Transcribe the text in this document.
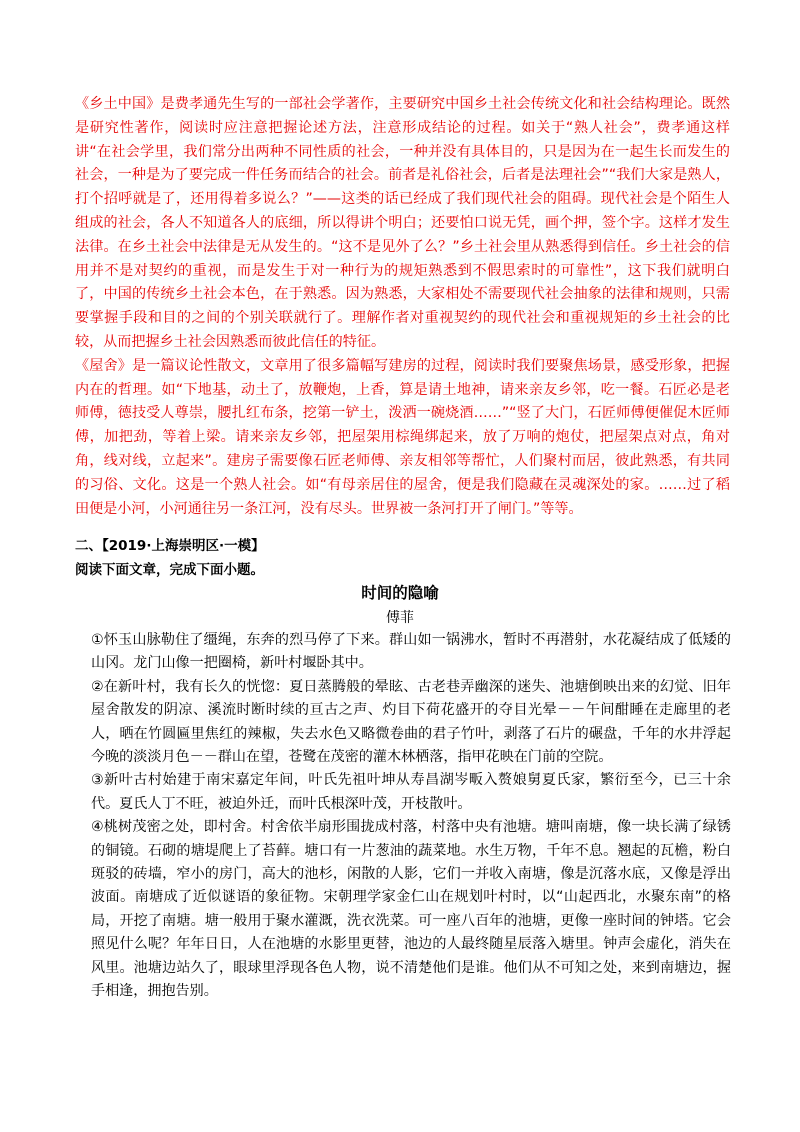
《乡土中国》是费孝通先生写的一部社会学著作，主要研究中国乡土社会传统文化和社会结构理论。既然是研究性著作，阅读时应注意把握论述方法，注意形成结论的过程。如关于“熟人社会”，费孝通这样讲“在社会学里，我们常分出两种不同性质的社会，一种并没有具体目的，只是因为在一起生长而发生的社会，一种是为了要完成一件任务而结合的社会。前者是礼俗社会，后者是法理社会”“我们大家是熟人，打个招呼就是了，还用得着多说么？”——这类的话已经成了我们现代社会的阻碍。现代社会是个陌生人组成的社会，各人不知道各人的底细，所以得讲个明白；还要怕口说无凭，画个押，签个字。这样才发生法律。在乡土社会中法律是无从发生的。“这不是见外了么？”乡土社会里从熟悉得到信任。乡土社会的信用并不是对契约的重视，而是发生于对一种行为的规矩熟悉到不假思索时的可靠性”，这下我们就明白了，中国的传统乡土社会本色，在于熟悉。因为熟悉，大家相处不需要现代社会抽象的法律和规则，只需要掌握手段和目的之间的个别关联就行了。理解作者对重视契约的现代社会和重视规矩的乡土社会的比较，从而把握乡土社会因熟悉而彼此信任的特征。

《屋舍》是一篇议论性散文，文章用了很多篇幅写建房的过程，阅读时我们要聚焦场景，感受形象，把握内在的哲理。如“下地基，动土了，放鞭炮，上香，算是请土地神，请来亲友乡邻，吃一餐。石匠必是老师傅，德技受人尊崇，腰扎红布条，挖第一铲土，泼洒一碗烧酒……”“竖了大门，石匠师傅便催促木匠师傅，加把劲，等着上梁。请来亲友乡邻，把屋架用棕绳绑起来，放了万响的炮仗，把屋架点对点，角对角，线对线，立起来”。建房子需要像石匠老师傅、亲友相邻等帮忙，人们聚村而居，彼此熟悉，有共同的习俗、文化。这是一个熟人社会。如“有母亲居住的屋舍，便是我们隐藏在灵魂深处的家。……过了稻田便是小河，小河通往另一条江河，没有尽头。世界被一条河打开了闸门。”等等。

二、【2019·上海崇明区·一模】
阅读下面文章，完成下面小题。
时间的隐喻
傅菲

①怀玉山脉勒住了缰绳，东奔的烈马停了下来。群山如一锅沸水，暂时不再潜射，水花凝结成了低矮的山冈。龙门山像一把圈椅，新叶村堰卧其中。

②在新叶村，我有长久的恍惚：夏日蒸腾般的晕眩、古老巷弄幽深的迷失、池塘倒映出来的幻觉、旧年屋舍散发的阴凉、溪流时断时续的亘古之声、灼目下荷花盛开的夺目光晕－－午间酣睡在走廊里的老人，晒在竹圆匾里焦红的辣椒，失去水色又略微卷曲的君子竹叶，剥落了石片的碾盘，千年的水井浮起今晚的淡淡月色－－群山在望，苍鹭在茂密的灌木林栖落，指甲花映在门前的空院。

③新叶古村始建于南宋嘉定年间，叶氏先祖叶坤从寿昌湖岑畈入赘娘舅夏氏家，繁衍至今，已三十余代。夏氏人丁不旺，被迫外迁，而叶氏根深叶茂，开枝散叶。

④桃树茂密之处，即村舍。村舍依半扇形围拢成村落，村落中央有池塘。塘叫南塘，像一块长满了绿锈的铜镜。石砌的塘堤爬上了苔藓。塘口有一片葱油的蔬菜地。水生万物，千年不息。翘起的瓦檐，粉白斑驳的砖墙，窄小的房门，高大的池杉，闲散的人影，它们一并收入南塘，像是沉落水底，又像是浮出波面。南塘成了近似谜语的象征物。宋朝理学家金仁山在规划叶村时，以“山起西北，水聚东南”的格局，开挖了南塘。塘一般用于聚水灌溉，洗衣洗菜。可一座八百年的池塘，更像一座时间的钟塔。它会照见什么呢？年年日日，人在池塘的水影里更替，池边的人最终随星辰落入塘里。钟声会虚化，消失在风里。池塘边站久了，眼球里浮现各色人物，说不清楚他们是谁。他们从不可知之处，来到南塘边，握手相逢，拥抱告别。
